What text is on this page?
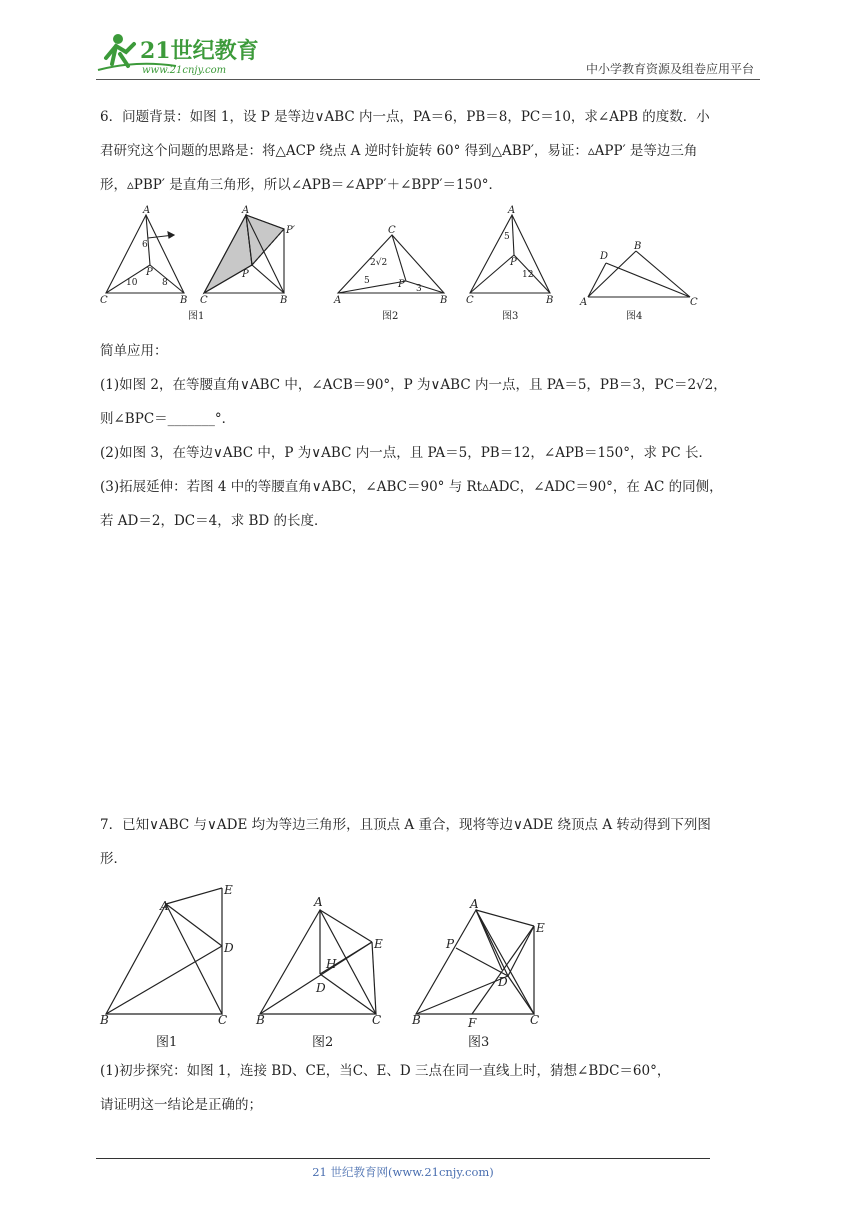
21世纪教育
www.21cnjy.com	中小学教育资源及组卷应用平台
6．问题背景：如图 1，设 P 是等边∨ABC 内一点，PA＝6，PB＝8，PC＝10，求∠APB 的度数．小
君研究这个问题的思路是：将△ACP 绕点 A 逆时针旋转 60° 得到△ABP′，易证：▵APP′ 是等边三角
形，▵PBP′ 是直角三角形，所以∠APB＝∠APP′＋∠BPP′＝150°．
A
C	B
P
6
10	8
图1
A
P′
P
C	B
C
A	B
P
2√2
5
3
图2
A
C	B
P
5
12
图3
A
D
B
C
图4
简单应用：
(1)如图 2，在等腰直角∨ABC 中，∠ACB＝90°，P 为∨ABC 内一点，且 PA＝5，PB＝3，PC＝2√2，
则∠BPC＝_______°．
(2)如图 3，在等边∨ABC 中，P 为∨ABC 内一点，且 PA＝5，PB＝12，∠APB＝150°，求 PC 长．
(3)拓展延伸：若图 4 中的等腰直角∨ABC，∠ABC＝90° 与 Rt▵ADC，∠ADC＝90°，在 AC 的同侧，
若 AD＝2，DC＝4，求 BD 的长度．
7．已知∨ABC 与∨ADE 均为等边三角形，且顶点 A 重合，现将等边∨ADE 绕顶点 A 转动得到下列图
形．
A
E
D
B	C
图1
A
E
H
D
B	C
图2
A
E
P
D
B	F	C
图3
(1)初步探究：如图 1，连接 BD、CE，当C、E、D 三点在同一直线上时，猜想∠BDC＝60°，
请证明这一结论是正确的；
21 世纪教育网(www.21cnjy.com)
